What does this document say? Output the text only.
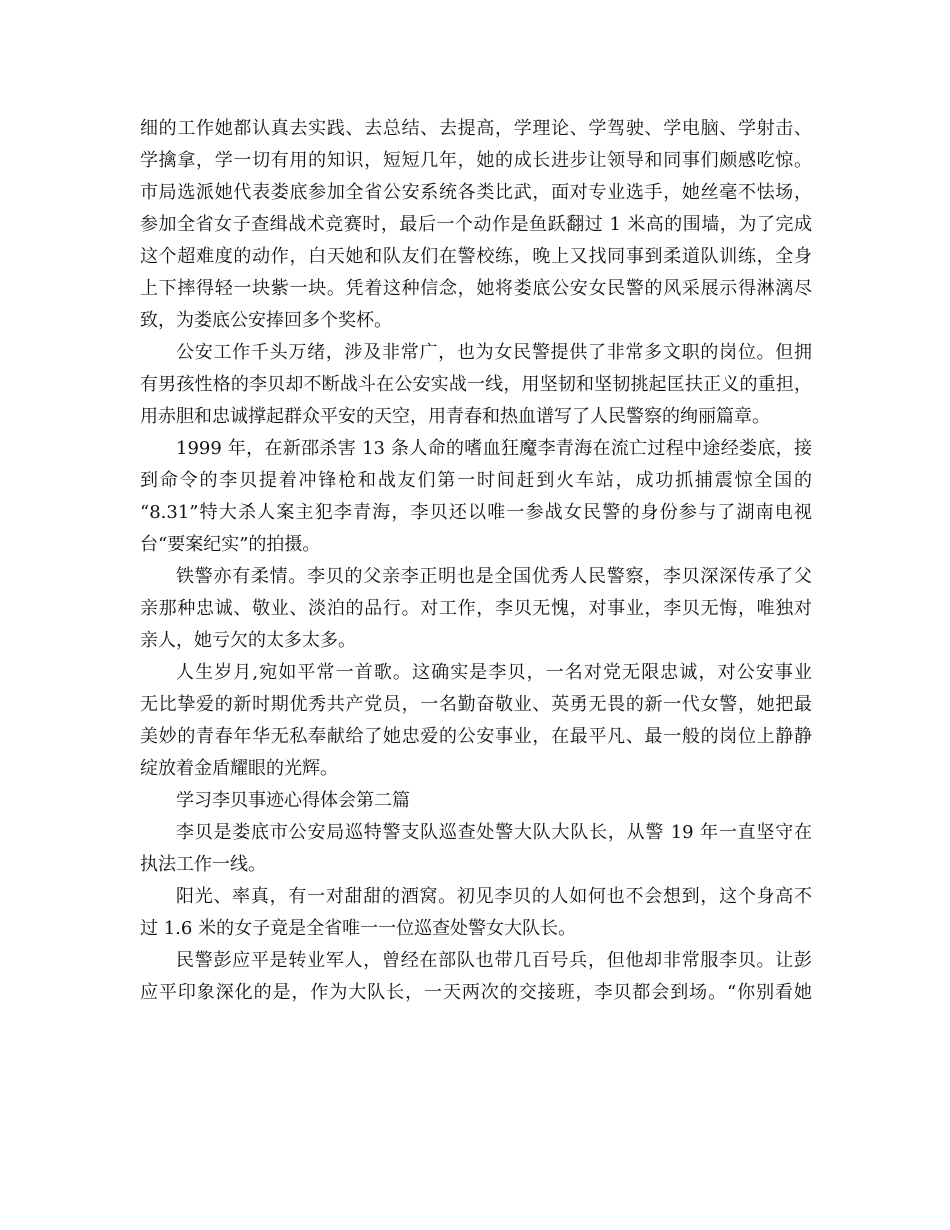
细的工作她都认真去实践、去总结、去提高，学理论、学驾驶、学电脑、学射击、
学擒拿，学一切有用的知识，短短几年，她的成长进步让领导和同事们颇感吃惊。
市局选派她代表娄底参加全省公安系统各类比武，面对专业选手，她丝毫不怯场，
参加全省女子查缉战术竞赛时，最后一个动作是鱼跃翻过 1 米高的围墙，为了完成
这个超难度的动作，白天她和队友们在警校练，晚上又找同事到柔道队训练，全身
上下摔得轻一块紫一块。凭着这种信念，她将娄底公安女民警的风采展示得淋漓尽
致，为娄底公安捧回多个奖杯。
公安工作千头万绪，涉及非常广，也为女民警提供了非常多文职的岗位。但拥
有男孩性格的李贝却不断战斗在公安实战一线，用坚韧和坚韧挑起匡扶正义的重担，
用赤胆和忠诚撑起群众平安的天空，用青春和热血谱写了人民警察的绚丽篇章。
1999 年，在新邵杀害 13 条人命的嗜血狂魔李青海在流亡过程中途经娄底，接
到命令的李贝提着冲锋枪和战友们第一时间赶到火车站，成功抓捕震惊全国的
“8.31”特大杀人案主犯李青海，李贝还以唯一参战女民警的身份参与了湖南电视
台“要案纪实”的拍摄。
铁警亦有柔情。李贝的父亲李正明也是全国优秀人民警察，李贝深深传承了父
亲那种忠诚、敬业、淡泊的品行。对工作，李贝无愧，对事业，李贝无悔，唯独对
亲人，她亏欠的太多太多。
人生岁月,宛如平常一首歌。这确实是李贝，一名对党无限忠诚，对公安事业
无比挚爱的新时期优秀共产党员，一名勤奋敬业、英勇无畏的新一代女警，她把最
美妙的青春年华无私奉献给了她忠爱的公安事业，在最平凡、最一般的岗位上静静
绽放着金盾耀眼的光辉。
学习李贝事迹心得体会第二篇
李贝是娄底市公安局巡特警支队巡查处警大队大队长，从警 19 年一直坚守在
执法工作一线。
阳光、率真，有一对甜甜的酒窝。初见李贝的人如何也不会想到，这个身高不
过 1.6 米的女子竟是全省唯一一位巡查处警女大队长。
民警彭应平是转业军人，曾经在部队也带几百号兵，但他却非常服李贝。让彭
应平印象深化的是，作为大队长，一天两次的交接班，李贝都会到场。“你别看她
